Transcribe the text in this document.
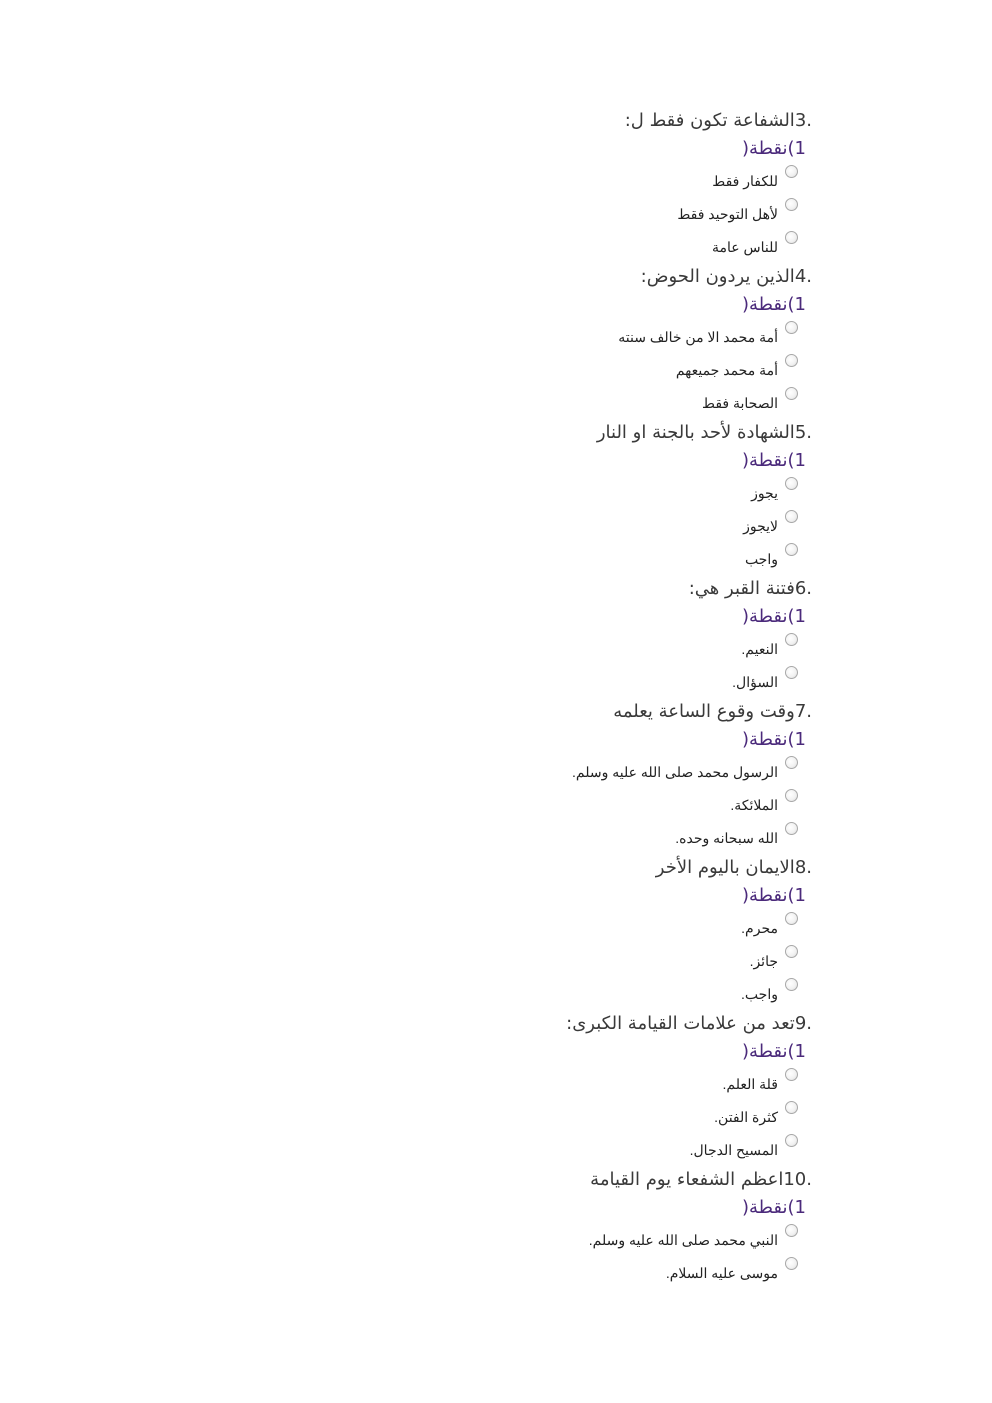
.3الشفاعة تكون فقط ل:
1)نقطة(
للكفار فقط
لأهل التوحيد فقط
للناس عامة
.4الذين يردون الحوض:
1)نقطة(
أمة محمد الا من خالف سنته
أمة محمد جميعهم
الصحابة فقط
.5الشهادة لأحد بالجنة او النار
1)نقطة(
يجوز
لايجوز
واجب
.6فتنة القبر هي:
1)نقطة(
النعيم.
السؤال.
.7وقت وقوع الساعة يعلمه
1)نقطة(
الرسول محمد صلى الله عليه وسلم.
الملائكة.
الله سبحانه وحده.
.8الايمان باليوم الأخر
1)نقطة(
محرم.
جائز.
واجب.
.9تعد من علامات القيامة الكبرى:
1)نقطة(
قلة العلم.
كثرة الفتن.
المسيح الدجال.
.10اعظم الشفعاء يوم القيامة
1)نقطة(
النبي محمد صلى الله عليه وسلم.
موسى عليه السلام.
